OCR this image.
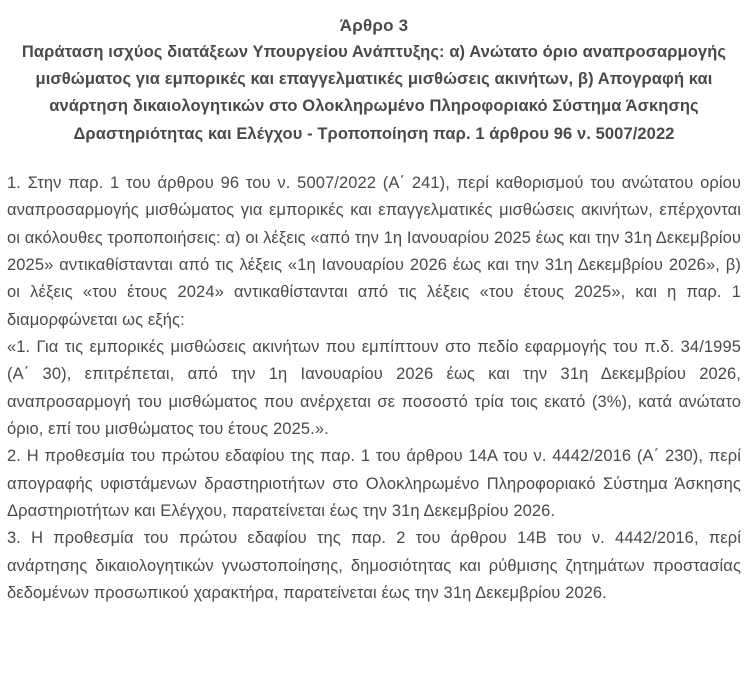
Άρθρο 3
Παράταση ισχύος διατάξεων Υπουργείου Ανάπτυξης: α) Ανώτατο όριο αναπροσαρμογής μισθώματος για εμπορικές και επαγγελματικές μισθώσεις ακινήτων, β) Απογραφή και ανάρτηση δικαιολογητικών στο Ολοκληρωμένο Πληροφοριακό Σύστημα Άσκησης Δραστηριότητας και Ελέγχου - Τροποποίηση παρ. 1 άρθρου 96 ν. 5007/2022

1. Στην παρ. 1 του άρθρου 96 του ν. 5007/2022 (Α΄ 241), περί καθορισμού του ανώτατου ορίου αναπροσαρμογής μισθώματος για εμπορικές και επαγγελματικές μισθώσεις ακινήτων, επέρχονται οι ακόλουθες τροποποιήσεις: α) οι λέξεις «από την 1η Ιανουαρίου 2025 έως και την 31η Δεκεμβρίου 2025» αντικαθίστανται από τις λέξεις «1η Ιανουαρίου 2026 έως και την 31η Δεκεμβρίου 2026», β) οι λέξεις «του έτους 2024» αντικαθίστανται από τις λέξεις «του έτους 2025», και η παρ. 1 διαμορφώνεται ως εξής:

«1. Για τις εμπορικές μισθώσεις ακινήτων που εμπίπτουν στο πεδίο εφαρμογής του π.δ. 34/1995 (Α΄ 30), επιτρέπεται, από την 1η Ιανουαρίου 2026 έως και την 31η Δεκεμβρίου 2026, αναπροσαρμογή του μισθώματος που ανέρχεται σε ποσοστό τρία τοις εκατό (3%), κατά ανώτατο όριο, επί του μισθώματος του έτους 2025.».

2. Η προθεσμία του πρώτου εδαφίου της παρ. 1 του άρθρου 14Α του ν. 4442/2016 (Α΄ 230), περί απογραφής υφιστάμενων δραστηριοτήτων στο Ολοκληρωμένο Πληροφοριακό Σύστημα Άσκησης Δραστηριοτήτων και Ελέγχου, παρατείνεται έως την 31η Δεκεμβρίου 2026.

3. Η προθεσμία του πρώτου εδαφίου της παρ. 2 του άρθρου 14Β του ν. 4442/2016, περί ανάρτησης δικαιολογητικών γνωστοποίησης, δημοσιότητας και ρύθμισης ζητημάτων προστασίας δεδομένων προσωπικού χαρακτήρα, παρατείνεται έως την 31η Δεκεμβρίου 2026.
